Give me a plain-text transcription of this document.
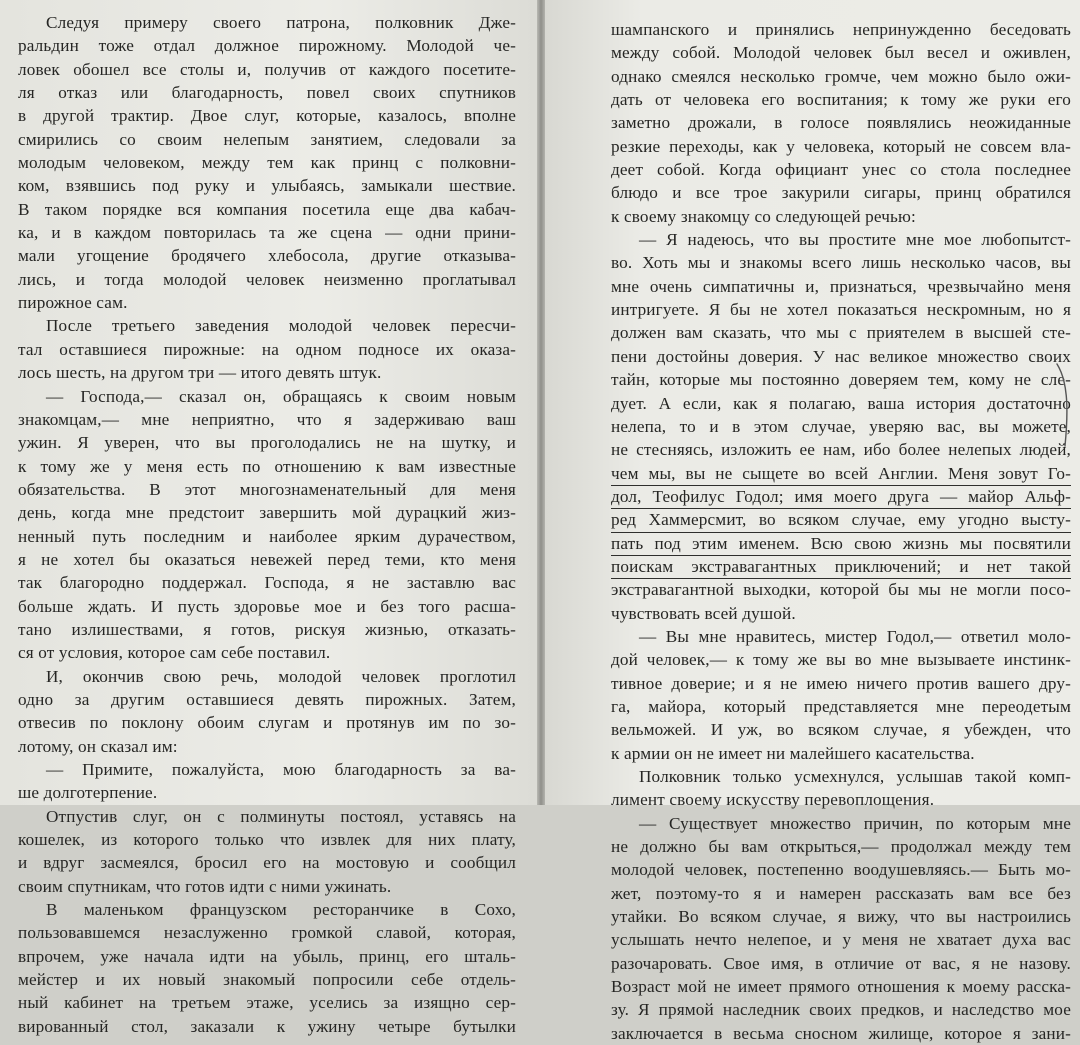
Следуя примеру своего патрона, полковник Дже-
ральдин тоже отдал должное пирожному. Молодой че-
ловек обошел все столы и, получив от каждого посетите-
ля отказ или благодарность, повел своих спутников
в другой трактир. Двое слуг, которые, казалось, вполне
смирились со своим нелепым занятием, следовали за
молодым человеком, между тем как принц с полковни-
ком, взявшись под руку и улыбаясь, замыкали шествие.
В таком порядке вся компания посетила еще два кабач-
ка, и в каждом повторилась та же сцена — одни прини-
мали угощение бродячего хлебосола, другие отказыва-
лись, и тогда молодой человек неизменно проглатывал
пирожное сам.
После третьего заведения молодой человек пересчи-
тал оставшиеся пирожные: на одном подносе их оказа-
лось шесть, на другом три — итого девять штук.
— Господа,— сказал он, обращаясь к своим новым
знакомцам,— мне неприятно, что я задерживаю ваш
ужин. Я уверен, что вы проголодались не на шутку, и
к тому же у меня есть по отношению к вам известные
обязательства. В этот многознаменательный для меня
день, когда мне предстоит завершить мой дурацкий жиз-
ненный путь последним и наиболее ярким дурачеством,
я не хотел бы оказаться невежей перед теми, кто меня
так благородно поддержал. Господа, я не заставлю вас
больше ждать. И пусть здоровье мое и без того расша-
тано излишествами, я готов, рискуя жизнью, отказать-
ся от условия, которое сам себе поставил.
И, окончив свою речь, молодой человек проглотил
одно за другим оставшиеся девять пирожных. Затем,
отвесив по поклону обоим слугам и протянув им по зо-
лотому, он сказал им:
— Примите, пожалуйста, мою благодарность за ва-
ше долготерпение.
Отпустив слуг, он с полминуты постоял, уставясь на
кошелек, из которого только что извлек для них плату,
и вдруг засмеялся, бросил его на мостовую и сообщил
своим спутникам, что готов идти с ними ужинать.
В маленьком французском ресторанчике в Сохо,
пользовавшемся незаслуженно громкой славой, которая,
впрочем, уже начала идти на убыль, принц, его шталь-
мейстер и их новый знакомый попросили себе отдель-
ный кабинет на третьем этаже, уселись за изящно сер-
вированный стол, заказали к ужину четыре бутылки
шампанского и принялись непринужденно беседовать
между собой. Молодой человек был весел и оживлен,
однако смеялся несколько громче, чем можно было ожи-
дать от человека его воспитания; к тому же руки его
заметно дрожали, в голосе появлялись неожиданные
резкие переходы, как у человека, который не совсем вла-
деет собой. Когда официант унес со стола последнее
блюдо и все трое закурили сигары, принц обратился
к своему знакомцу со следующей речью:
— Я надеюсь, что вы простите мне мое любопытст-
во. Хоть мы и знакомы всего лишь несколько часов, вы
мне очень симпатичны и, признаться, чрезвычайно меня
интригуете. Я бы не хотел показаться нескромным, но я
должен вам сказать, что мы с приятелем в высшей сте-
пени достойны доверия. У нас великое множество своих
тайн, которые мы постоянно доверяем тем, кому не сле-
дует. А если, как я полагаю, ваша история достаточно
нелепа, то и в этом случае, уверяю вас, вы можете,
не стесняясь, изложить ее нам, ибо более нелепых людей,
чем мы, вы не сыщете во всей Англии. Меня зовут Го-
дол, Теофилус Годол; имя моего друга — майор Альф-
ред Хаммерсмит, во всяком случае, ему угодно высту-
пать под этим именем. Всю свою жизнь мы посвятили
поискам экстравагантных приключений; и нет такой
экстравагантной выходки, которой бы мы не могли посо-
чувствовать всей душой.
— Вы мне нравитесь, мистер Годол,— ответил моло-
дой человек,— к тому же вы во мне вызываете инстинк-
тивное доверие; и я не имею ничего против вашего дру-
га, майора, который представляется мне переодетым
вельможей. И уж, во всяком случае, я убежден, что
к армии он не имеет ни малейшего касательства.
Полковник только усмехнулся, услышав такой комп-
лимент своему искусству перевоплощения.
— Существует множество причин, по которым мне
не должно бы вам открыться,— продолжал между тем
молодой человек, постепенно воодушевляясь.— Быть мо-
жет, поэтому-то я и намерен рассказать вам все без
утайки. Во всяком случае, я вижу, что вы настроились
услышать нечто нелепое, и у меня не хватает духа вас
разочаровать. Свое имя, в отличие от вас, я не назову.
Возраст мой не имеет прямого отношения к моему расска-
зу. Я прямой наследник своих предков, и наследство мое
заключается в весьма сносном жилище, которое я зани-
